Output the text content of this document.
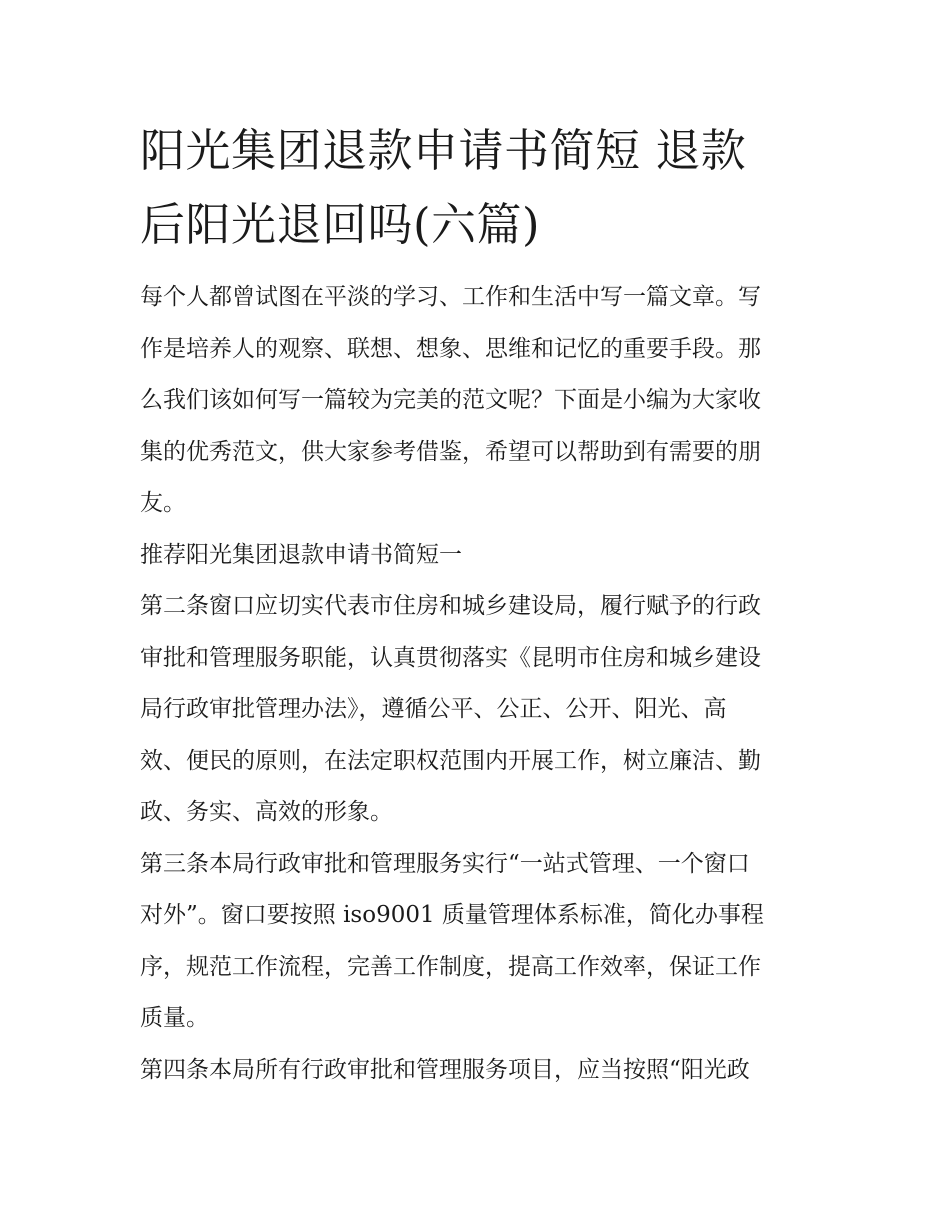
阳光集团退款申请书简短 退款
后阳光退回吗(六篇)

每个人都曾试图在平淡的学习、工作和生活中写一篇文章。写
作是培养人的观察、联想、想象、思维和记忆的重要手段。那
么我们该如何写一篇较为完美的范文呢？下面是小编为大家收
集的优秀范文，供大家参考借鉴，希望可以帮助到有需要的朋
友。

推荐阳光集团退款申请书简短一

第二条窗口应切实代表市住房和城乡建设局，履行赋予的行政
审批和管理服务职能，认真贯彻落实《昆明市住房和城乡建设
局行政审批管理办法》，遵循公平、公正、公开、阳光、高
效、便民的原则，在法定职权范围内开展工作，树立廉洁、勤
政、务实、高效的形象。

第三条本局行政审批和管理服务实行“一站式管理、一个窗口
对外”。窗口要按照 iso9001 质量管理体系标准，简化办事程
序，规范工作流程，完善工作制度，提高工作效率，保证工作
质量。

第四条本局所有行政审批和管理服务项目，应当按照“阳光政
